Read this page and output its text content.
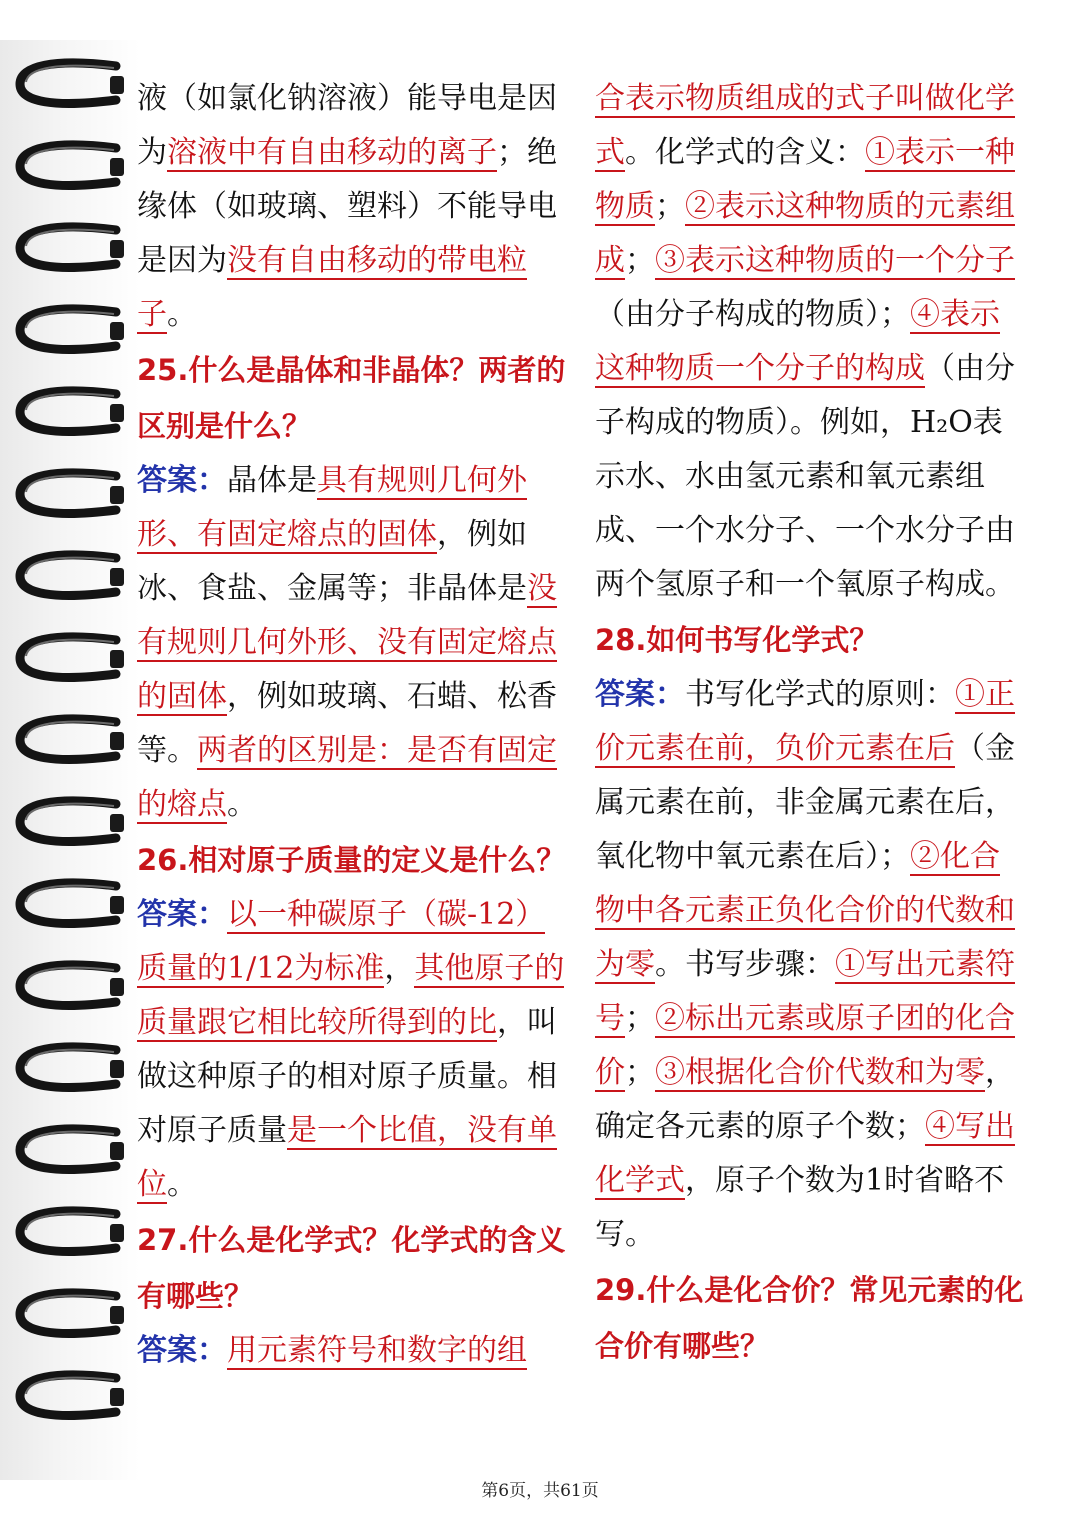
液（如氯化钠溶液）能导电是因为溶液中有自由移动的离子；绝缘体（如玻璃、塑料）不能导电是因为没有自由移动的带电粒子。

25.什么是晶体和非晶体？两者的区别是什么？

答案：晶体是具有规则几何外形、有固定熔点的固体，例如冰、食盐、金属等；非晶体是没有规则几何外形、没有固定熔点的固体，例如玻璃、石蜡、松香等。两者的区别是：是否有固定的熔点。

26.相对原子质量的定义是什么？

答案：以一种碳原子（碳-12）质量的1/12为标准，其他原子的质量跟它相比较所得到的比，叫做这种原子的相对原子质量。相对原子质量是一个比值，没有单位。

27.什么是化学式？化学式的含义有哪些？

答案：用元素符号和数字的组

合表示物质组成的式子叫做化学式。化学式的含义：①表示一种物质；②表示这种物质的元素组成；③表示这种物质的一个分子（由分子构成的物质）；④表示这种物质一个分子的构成（由分子构成的物质）。例如，H₂O表示水、水由氢元素和氧元素组成、一个水分子、一个水分子由两个氢原子和一个氧原子构成。

28.如何书写化学式？

答案：书写化学式的原则：①正价元素在前，负价元素在后（金属元素在前，非金属元素在后，氧化物中氧元素在后）；②化合物中各元素正负化合价的代数和为零。书写步骤：①写出元素符号；②标出元素或原子团的化合价；③根据化合价代数和为零，确定各元素的原子个数；④写出化学式，原子个数为1时省略不写。

29.什么是化合价？常见元素的化合价有哪些？

第6页，共61页
